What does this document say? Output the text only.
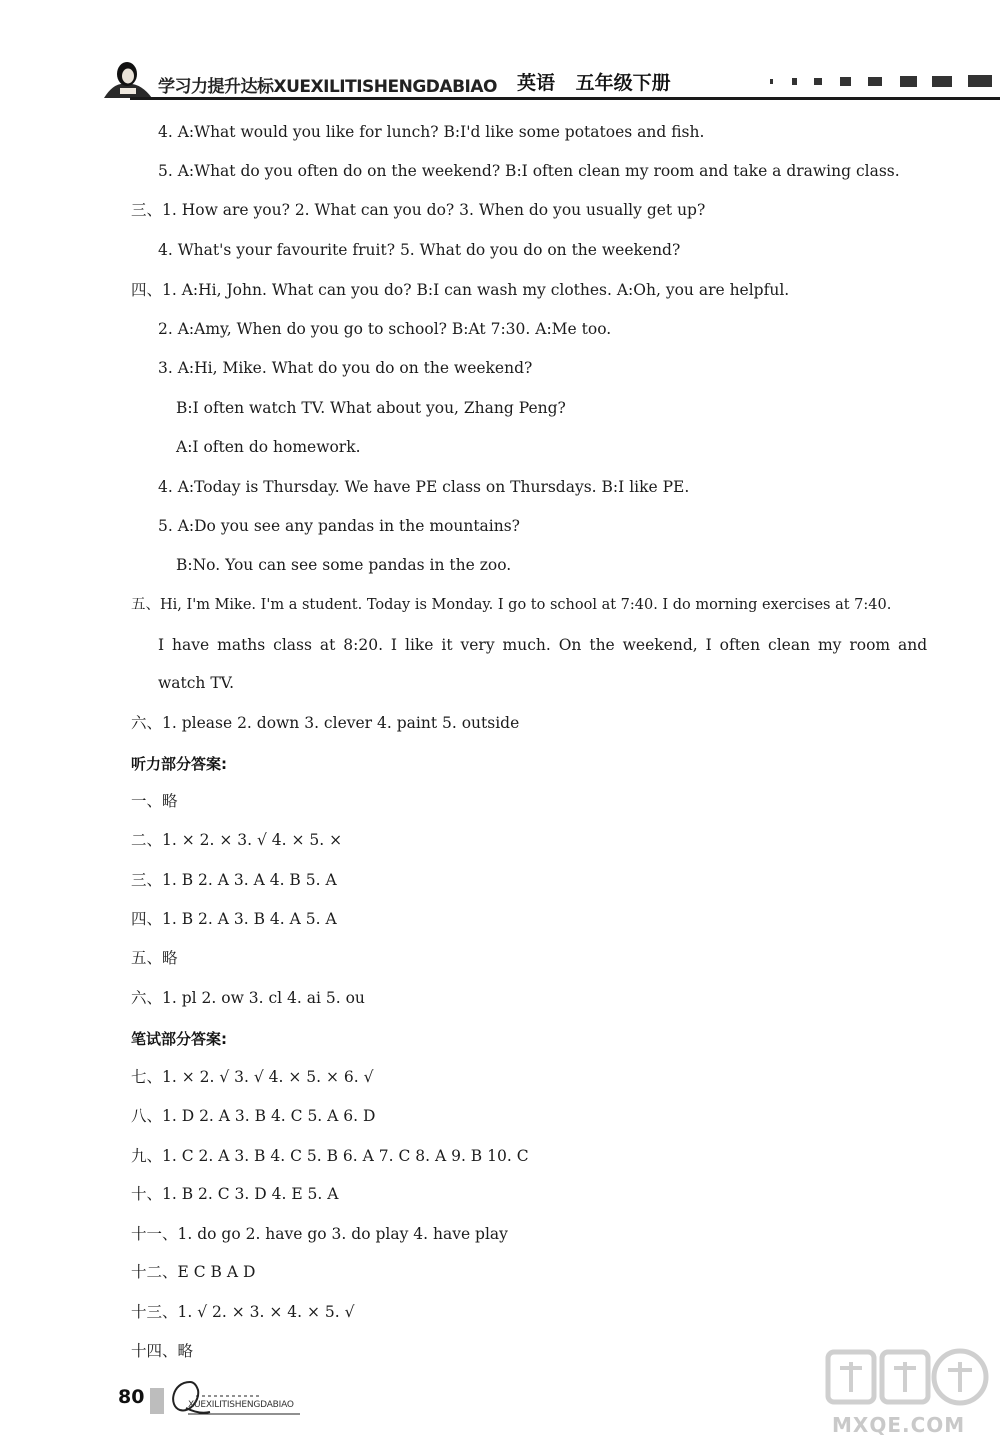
学习力提升达标XUEXILITISHENGDABIAO 英语 五年级下册
4. A:What would you like for lunch? B:I'd like some potatoes and fish.
5. A:What do you often do on the weekend? B:I often clean my room and take a drawing class.
三、1. How are you? 2. What can you do? 3. When do you usually get up?
4. What's your favourite fruit? 5. What do you do on the weekend?
四、1. A:Hi, John. What can you do? B:I can wash my clothes. A:Oh, you are helpful.
2. A:Amy, When do you go to school? B:At 7:30. A:Me too.
3. A:Hi, Mike. What do you do on the weekend?
B:I often watch TV. What about you, Zhang Peng?
A:I often do homework.
4. A:Today is Thursday. We have PE class on Thursdays. B:I like PE.
5. A:Do you see any pandas in the mountains?
B:No. You can see some pandas in the zoo.
五、Hi, I'm Mike. I'm a student. Today is Monday. I go to school at 7:40. I do morning exercises at 7:40.
I have maths class at 8:20. I like it very much. On the weekend, I often clean my room and
watch TV.
六、1. please 2. down 3. clever 4. paint 5. outside
听力部分答案:
一、略
二、1. × 2. × 3. √ 4. × 5. ×
三、1. B 2. A 3. A 4. B 5. A
四、1. B 2. A 3. B 4. A 5. A
五、略
六、1. pl 2. ow 3. cl 4. ai 5. ou
笔试部分答案:
七、1. × 2. √ 3. √ 4. × 5. × 6. √
八、1. D 2. A 3. B 4. C 5. A 6. D
九、1. C 2. A 3. B 4. C 5. B 6. A 7. C 8. A 9. B 10. C
十、1. B 2. C 3. D 4. E 5. A
十一、1. do go 2. have go 3. do play 4. have play
十二、E C B A D
十三、1. √ 2. × 3. × 4. × 5. √
十四、略
80	XUEXILITISHENGDABIAO
MXQE.COM
